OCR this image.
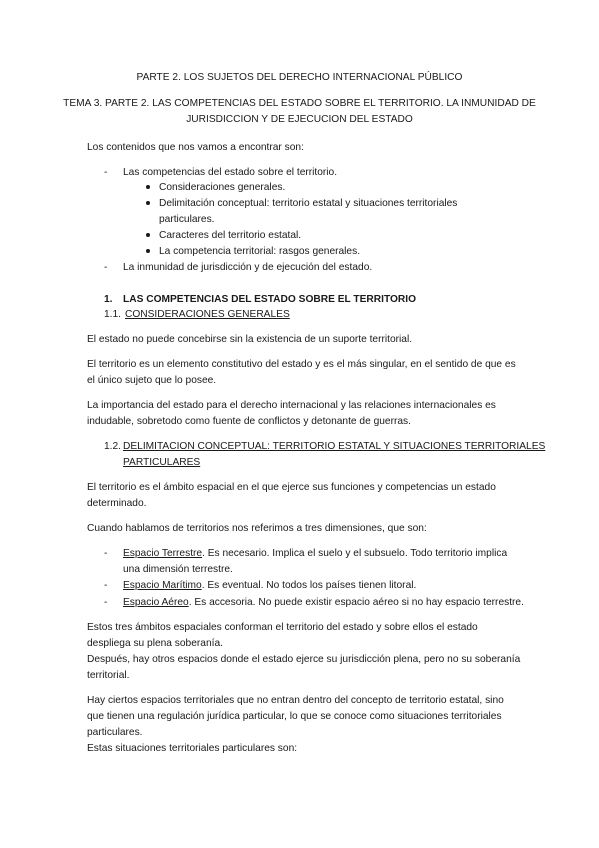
PARTE 2. LOS SUJETOS DEL DERECHO INTERNACIONAL PÚBLICO

TEMA 3. PARTE 2. LAS COMPETENCIAS DEL ESTADO SOBRE EL TERRITORIO. LA INMUNIDAD DE

JURISDICCION Y DE EJECUCION DEL ESTADO

Los contenidos que nos vamos a encontrar son:

- Las competencias del estado sobre el territorio.

Consideraciones generales.

Delimitación conceptual: territorio estatal y situaciones territoriales

particulares.

Caracteres del territorio estatal.

La competencia territorial: rasgos generales.

- La inmunidad de jurisdicción y de ejecución del estado.

1. LAS COMPETENCIAS DEL ESTADO SOBRE EL TERRITORIO

1.1. CONSIDERACIONES GENERALES

El estado no puede concebirse sin la existencia de un suporte territorial.

El territorio es un elemento constitutivo del estado y es el más singular, en el sentido de que es

el único sujeto que lo posee.

La importancia del estado para el derecho internacional y las relaciones internacionales es

indudable, sobretodo como fuente de conflictos y detonante de guerras.

1.2. DELIMITACION CONCEPTUAL: TERRITORIO ESTATAL Y SITUACIONES TERRITORIALES

PARTICULARES

El territorio es el ámbito espacial en el que ejerce sus funciones y competencias un estado

determinado.

Cuando hablamos de territorios nos referimos a tres dimensiones, que son:

- Espacio Terrestre. Es necesario. Implica el suelo y el subsuelo. Todo territorio implica

una dimensión terrestre.

- Espacio Marítimo. Es eventual. No todos los países tienen litoral.

- Espacio Aéreo. Es accesoria. No puede existir espacio aéreo si no hay espacio terrestre.

Estos tres ámbitos espaciales conforman el territorio del estado y sobre ellos el estado

despliega su plena soberanía.

Después, hay otros espacios donde el estado ejerce su jurisdicción plena, pero no su soberanía

territorial.

Hay ciertos espacios territoriales que no entran dentro del concepto de territorio estatal, sino

que tienen una regulación jurídica particular, lo que se conoce como situaciones territoriales

particulares.

Estas situaciones territoriales particulares son:
